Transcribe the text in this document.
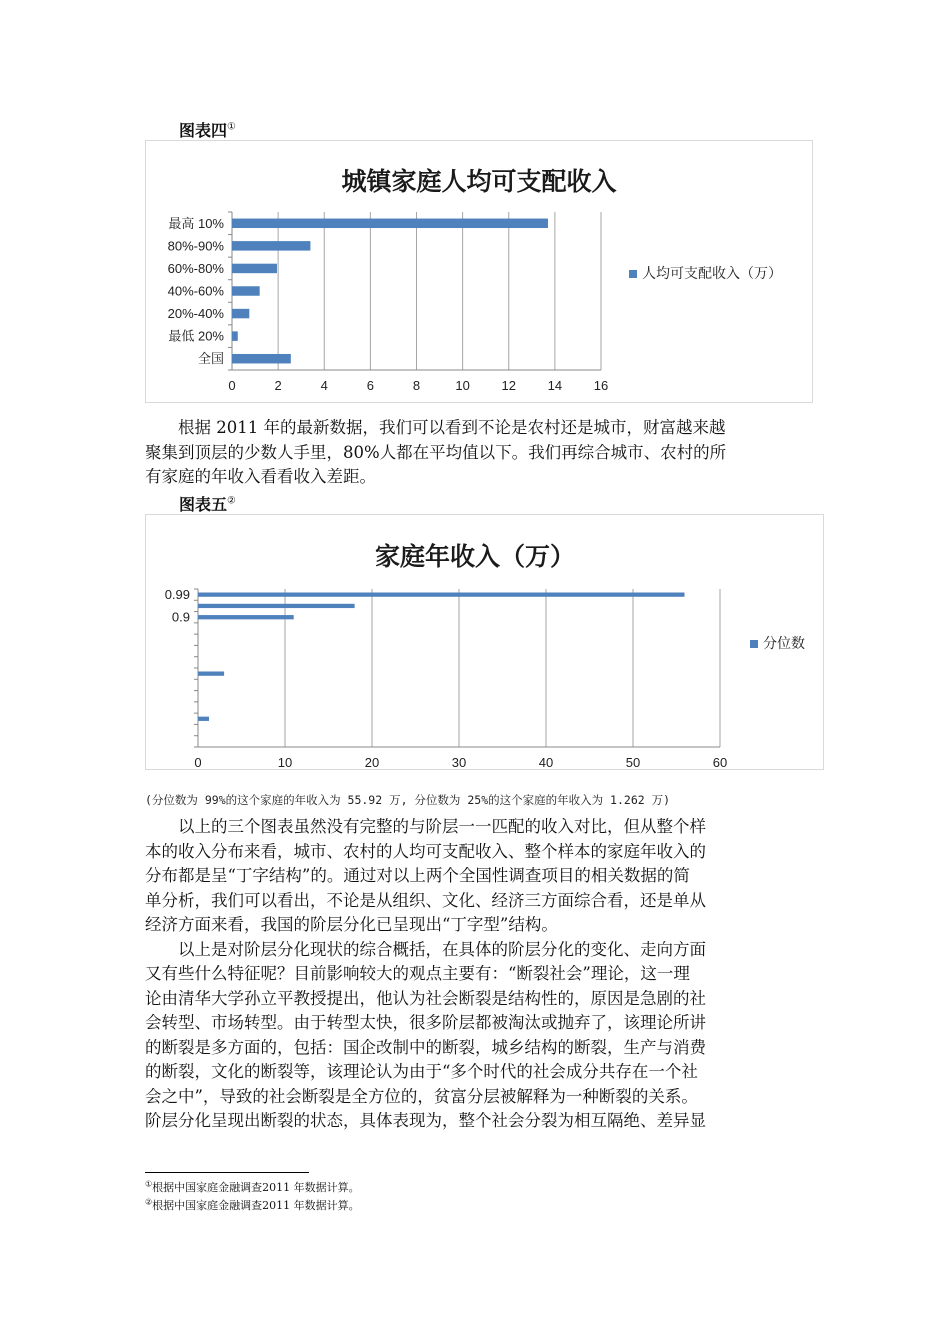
图表四①
城镇家庭人均可支配收入
0	2	4	6	8	10 12 14 16
最高 10%
80%-90%
60%-80%
40%-60%
20%-40%
最低 20%
全国
人均可支配收入（万）
根据 2011 年的最新数据，我们可以看到不论是农村还是城市，财富越来越
聚集到顶层的少数人手里，80%人都在平均值以下。我们再综合城市、农村的所
有家庭的年收入看看收入差距。
图表五②
家庭年收入（万）
0	10	20	30	40	50	60
0.99
0.9
分位数
(分位数为 99%的这个家庭的年收入为 55.92 万, 分位数为 25%的这个家庭的年收入为 1.262 万)
　　以上的三个图表虽然没有完整的与阶层一一匹配的收入对比，但从整个样
本的收入分布来看，城市、农村的人均可支配收入、整个样本的家庭年收入的
分布都是呈“丁字结构”的。通过对以上两个全国性调查项目的相关数据的简
单分析，我们可以看出，不论是从组织、文化、经济三方面综合看，还是单从
经济方面来看，我国的阶层分化已呈现出“丁字型”结构。
　　以上是对阶层分化现状的综合概括，在具体的阶层分化的变化、走向方面
又有些什么特征呢？目前影响较大的观点主要有：“断裂社会”理论，这一理
论由清华大学孙立平教授提出，他认为社会断裂是结构性的，原因是急剧的社
会转型、市场转型。由于转型太快，很多阶层都被淘汰或抛弃了，该理论所讲
的断裂是多方面的，包括：国企改制中的断裂，城乡结构的断裂，生产与消费
的断裂，文化的断裂等，该理论认为由于“多个时代的社会成分共存在一个社
会之中”，导致的社会断裂是全方位的，贫富分层被解释为一种断裂的关系。
阶层分化呈现出断裂的状态，具体表现为，整个社会分裂为相互隔绝、差异显
①根据中国家庭金融调查2011 年数据计算。
②根据中国家庭金融调查2011 年数据计算。
